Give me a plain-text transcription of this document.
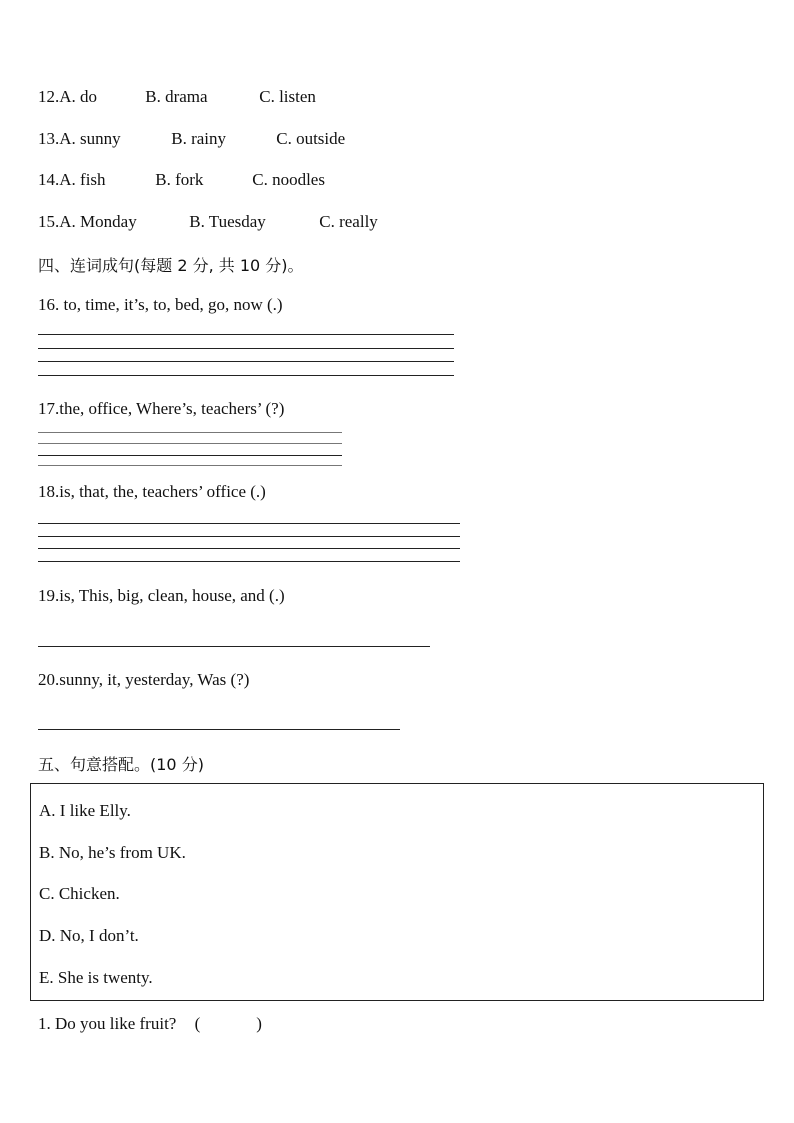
12.A. do	B. drama	C. listen
13.A. sunny	B. rainy	C. outside
14.A. fish	B. fork	C. noodles
15.A. Monday	B. Tuesday	C. really
四、连词成句(每题 2 分, 共 10 分)。
16. to, time, it’s, to, bed, go, now (.)
17.the, office, Where’s, teachers’ (?)
18.is, that, the, teachers’ office (.)
19.is, This, big, clean, house, and (.)
20.sunny, it, yesterday, Was (?)
五、句意搭配。(10 分)
A. I like Elly.
B. No, he’s from UK.
C. Chicken.
D. No, I don’t.
E. She is twenty.
1. Do you like fruit? (	)
